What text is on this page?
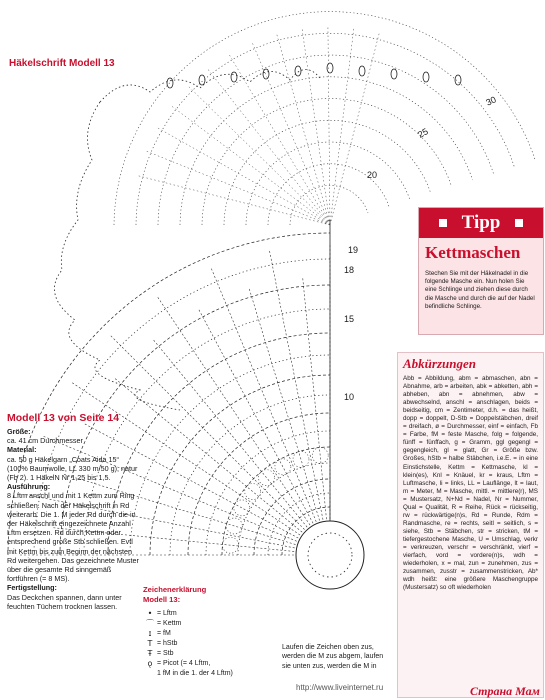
Häkelschrift Modell 13
30
25
20
19
18
15
10
Tipp
Kettmaschen
Stechen Sie mit der Häkelnadel in die folgende Masche ein. Nun holen Sie eine Schlinge und ziehen diese durch die Masche und durch die auf der Nadel befindliche Schlinge.
Abkürzungen
Abb = Abbildung, abm = abmaschen, abn = Abnahme, arb = arbeiten, abk = abketten, abh = abheben, abn = abnehmen, abw = abwechselnd, anschl = anschlagen, beids = beidseitig, cm = Zentimeter, d.h. = das heißt, dopp = doppelt, D-Stb = Doppelstäbchen, dreif = dreifach, ø = Durchmesser, einf = einfach, Fb = Farbe, fM = feste Masche, folg = folgende, fünff = fünffach, g = Gramm, ggl gegengl = gegengleich, gl = glatt, Gr = Größe bzw. Großes, hStb = halbe Stäbchen, i.e.E. = in eine Einstichstelle, Kettm = Kettmasche, kl = klein(es), Knl = Knäuel, kr = kraus, Lftm = Luftmasche, li = links, LL = Lauflänge, lt = laut, m = Meter, M = Masche, mittl. = mittlere(r), MS = Mustersatz, N+Nd = Nadel, Nr = Nummer, Qual = Qualität, R = Reihe, Rück = rückseitig, rw = rückwärtige(n)s, Rd = Runde, Rdm = Randmasche, re = rechts, seitl = seitlich, s = siehe, Stb = Stäbchen, str = stricken, tM = tiefergestochene Masche, U = Umschlag, verkr = verkreuzen, verschr = verschränkt, vierf = vierfach, vord = vordere(n)s, wdh = wiederholen, x = mal, zun = zunehmen, zus = zusammen, zusstr = zusammenstricken, Ab* wdh heißt: eine größere Maschengruppe (Mustersatz) so oft wiederholen
Modell 13 von Seite 14
Größe:
ca. 41 cm Durchmesser
Material:
ca. 50 g Häkelgarn „Coats Aida 15“ (100% Baumwolle, LL 330 m/50 g), natur (Fb 2). 1 HäkelN Nr 1,25 bis 1,5.
Ausführung:
8 Lftm anschl und mit 1 Kettm zum Ring schließen. Nach der Häkelschrift in Rd weiterarb. Die 1. M jeder Rd durch die in der Häkelschrift eingezeichnete Anzahl Lftm ersetzen. Rd durch Kettm oder entsprechend große Stb schließen. Evtl mit Kettm bis zum Beginn der nächsten Rd weitergehen. Das gezeichnete Muster über die gesamte Rd sinngemäß fortführen (= 8 MS).
Fertigstellung:
Das Deckchen spannen, dann unter feuchten Tüchern trocknen lassen.
Zeichenerklärung
Modell 13:
• = Lftm
⌒ = Kettm
ɪ = fM
T = hStb
Ŧ = Stb
ǫ = Picot (= 4 Lftm,
1 fM in die 1. der 4 Lftm)
Laufen die Zeichen oben zus, werden die M zus abgem, laufen sie unten zus, werden die M in
http://www.liveinternet.ru	Страна Мам
